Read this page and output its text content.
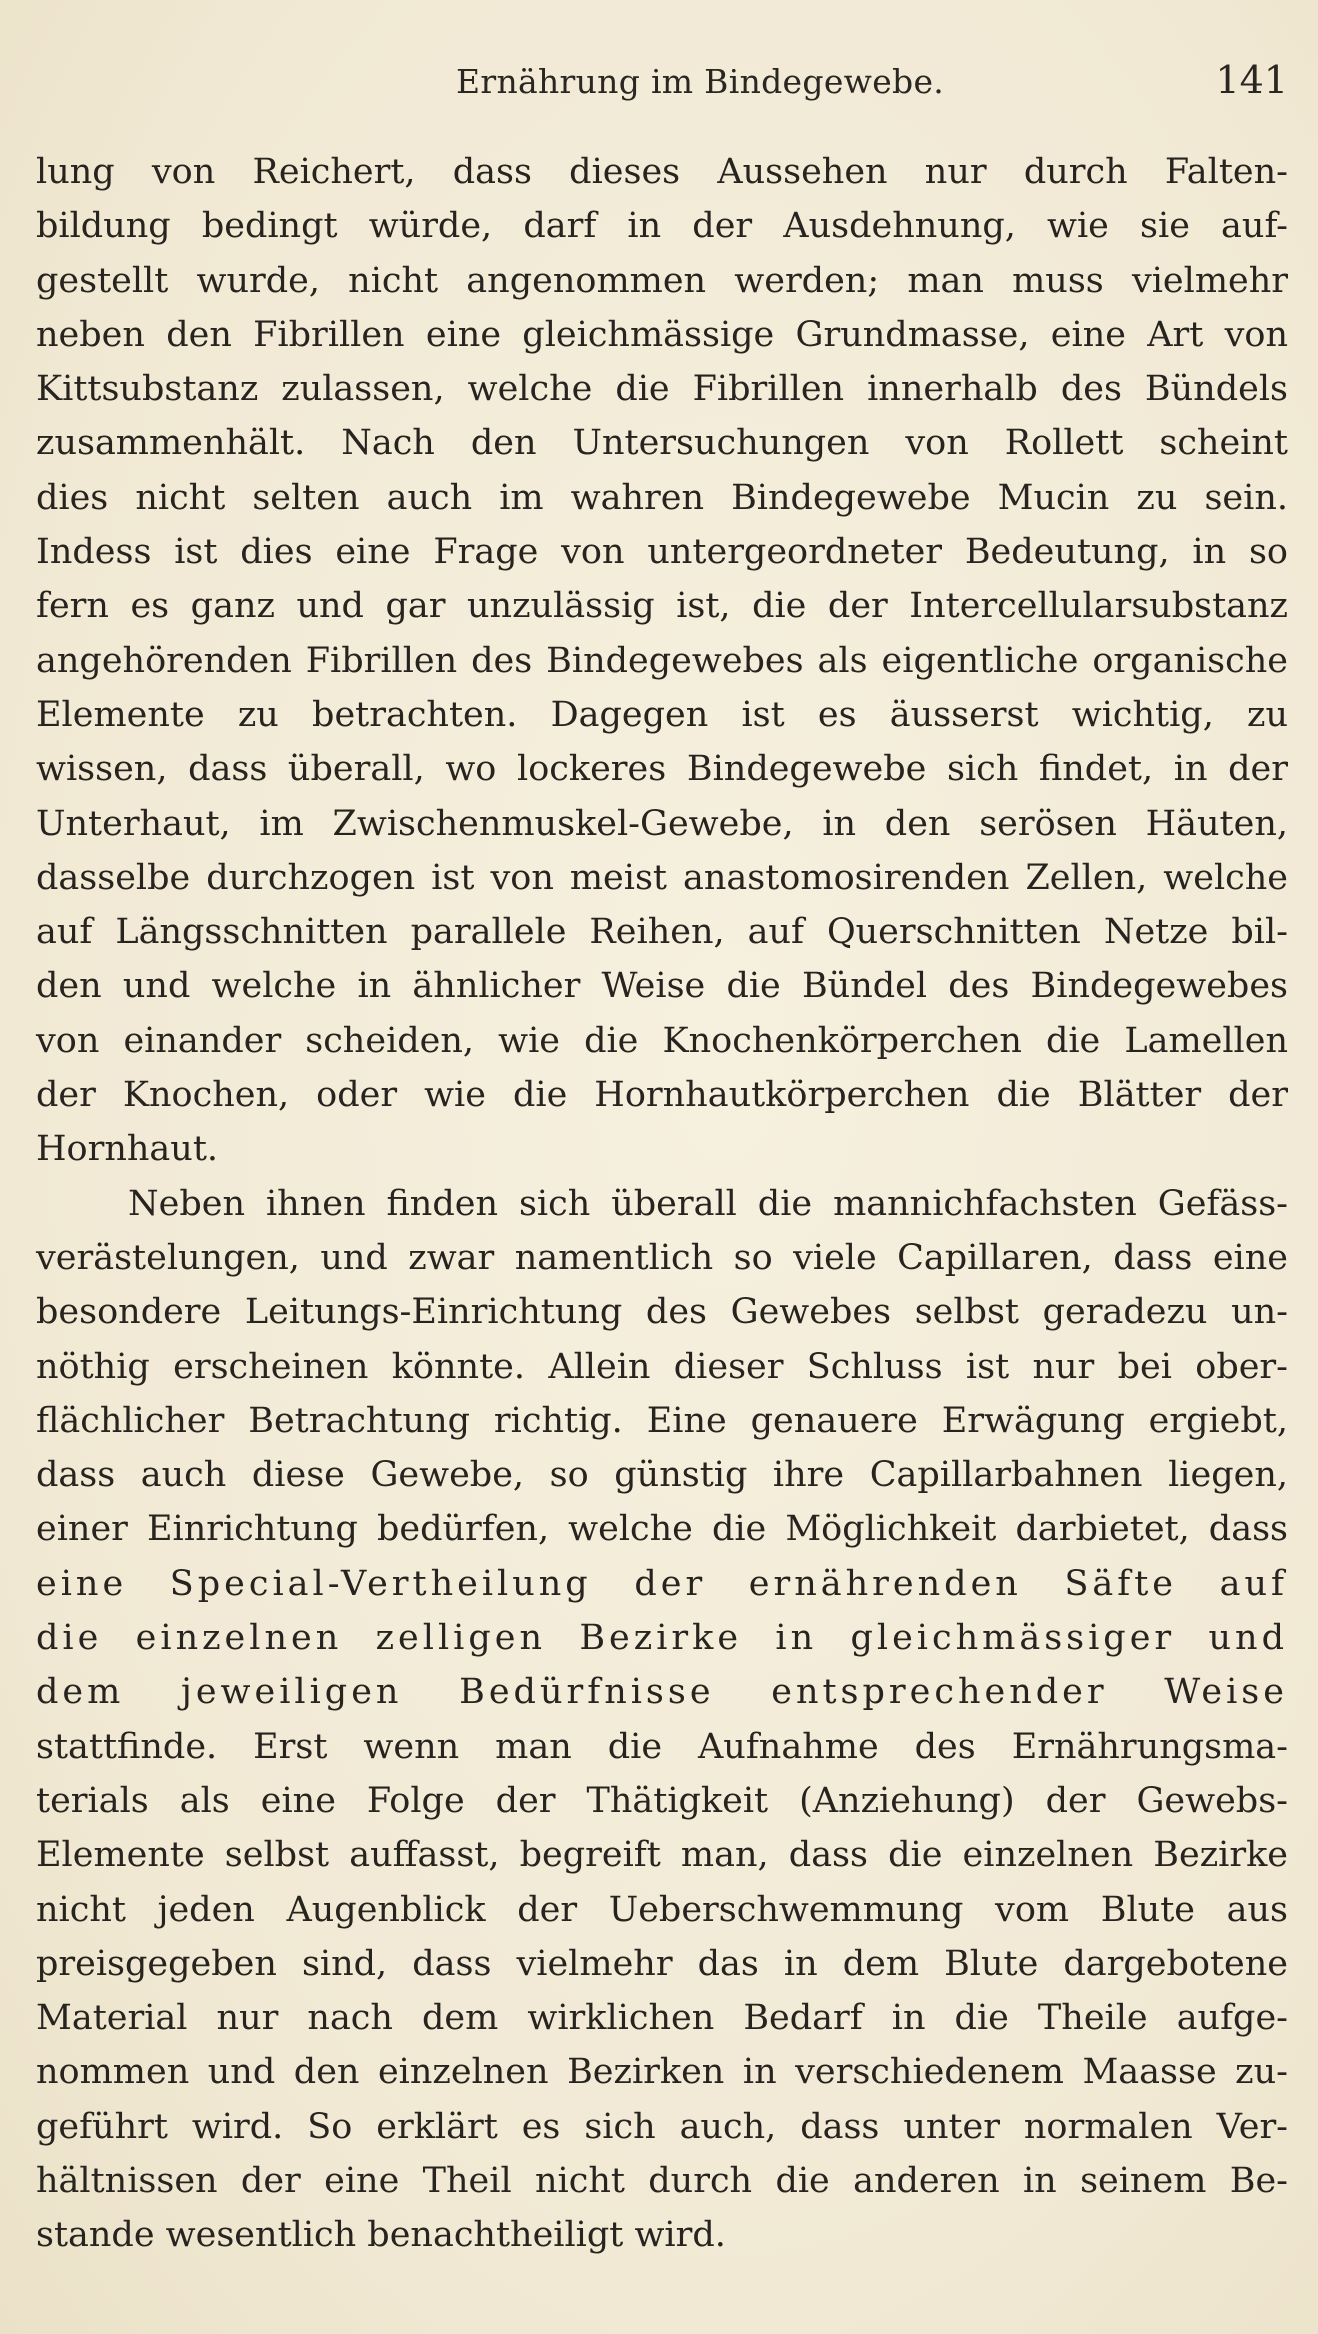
Ernährung im Bindegewebe.	141
lung von Reichert, dass dieses Aussehen nur durch Falten-
bildung bedingt würde, darf in der Ausdehnung, wie sie auf-
gestellt wurde, nicht angenommen werden; man muss vielmehr
neben den Fibrillen eine gleichmässige Grundmasse, eine Art von
Kittsubstanz zulassen, welche die Fibrillen innerhalb des Bündels
zusammenhält. Nach den Untersuchungen von Rollett scheint
dies nicht selten auch im wahren Bindegewebe Mucin zu sein.
Indess ist dies eine Frage von untergeordneter Bedeutung, in so
fern es ganz und gar unzulässig ist, die der Intercellularsubstanz
angehörenden Fibrillen des Bindegewebes als eigentliche organische
Elemente zu betrachten. Dagegen ist es äusserst wichtig, zu
wissen, dass überall, wo lockeres Bindegewebe sich findet, in der
Unterhaut, im Zwischenmuskel-Gewebe, in den serösen Häuten,
dasselbe durchzogen ist von meist anastomosirenden Zellen, welche
auf Längsschnitten parallele Reihen, auf Querschnitten Netze bil-
den und welche in ähnlicher Weise die Bündel des Bindegewebes
von einander scheiden, wie die Knochenkörperchen die Lamellen
der Knochen, oder wie die Hornhautkörperchen die Blätter der
Hornhaut.
Neben ihnen finden sich überall die mannichfachsten Gefäss-
verästelungen, und zwar namentlich so viele Capillaren, dass eine
besondere Leitungs-Einrichtung des Gewebes selbst geradezu un-
nöthig erscheinen könnte. Allein dieser Schluss ist nur bei ober-
flächlicher Betrachtung richtig. Eine genauere Erwägung ergiebt,
dass auch diese Gewebe, so günstig ihre Capillarbahnen liegen,
einer Einrichtung bedürfen, welche die Möglichkeit darbietet, dass
eine Special-Vertheilung der ernährenden Säfte auf
die einzelnen zelligen Bezirke in gleichmässiger und
dem jeweiligen Bedürfnisse entsprechender Weise
stattfinde. Erst wenn man die Aufnahme des Ernährungsma-
terials als eine Folge der Thätigkeit (Anziehung) der Gewebs-
Elemente selbst auffasst, begreift man, dass die einzelnen Bezirke
nicht jeden Augenblick der Ueberschwemmung vom Blute aus
preisgegeben sind, dass vielmehr das in dem Blute dargebotene
Material nur nach dem wirklichen Bedarf in die Theile aufge-
nommen und den einzelnen Bezirken in verschiedenem Maasse zu-
geführt wird. So erklärt es sich auch, dass unter normalen Ver-
hältnissen der eine Theil nicht durch die anderen in seinem Be-
stande wesentlich benachtheiligt wird.
